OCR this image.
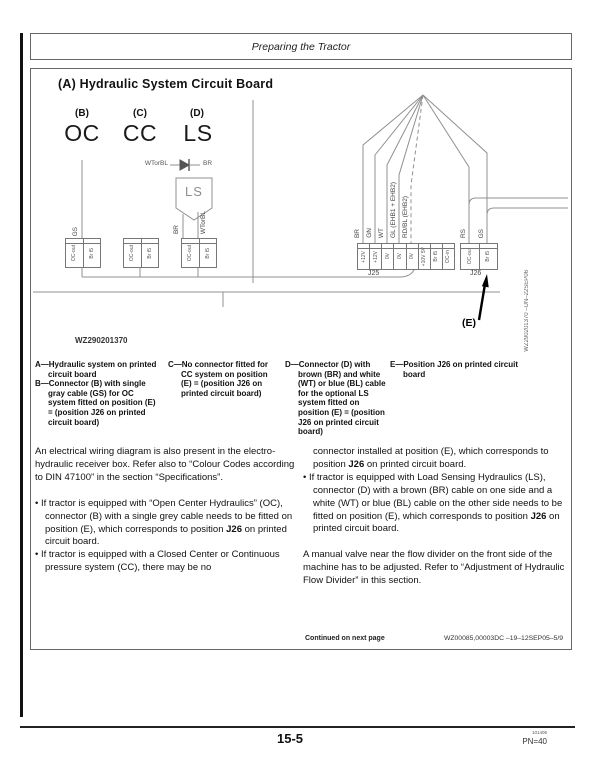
Preparing the Tractor
(A) Hydraulic System Circuit Board
(B)	(C)	(D)
OC CC	LS
WTorBL	BR
LS
GS	BR	WTorBL
OC-out Br t5	OC-out Br t5	OC-out Br t5	+12V +12V 0V 0V 0V +10V 5V Br t5 OC-in	OC-out	Br t5
J25	J26
(E)	WZ290201370 –UN–22SEP06
BR GN WT GL (EHB1 + EHB2) RD/BL (EHB2)	RS GS
WZ290201370
A—Hydraulic system on printed circuit board
B—Connector (B) with single gray cable (GS) for OC system fitted on position (E) = (position J26 on printed circuit board)
C—No connector fitted for CC system on position (E) = (position J26 on printed circuit board)
D—Connector (D) with brown (BR) and white (WT) or blue (BL) cable for the optional LS system fitted on position (E) = (position J26 on printed circuit board)
E—Position J26 on printed circuit board
An electrical wiring diagram is also present in the electro-hydraulic receiver box. Refer also to “Colour Codes according to DIN 47100” in the section “Specifications”.
• If tractor is equipped with “Open Center Hydraulics” (OC), connector (B) with a single grey cable needs to be fitted on position (E), which corresponds to position J26 on printed circuit board.
• If tractor is equipped with a Closed Center or Continuous pressure system (CC), there may be no
connector installed at position (E), which corresponds to position J26 on printed circuit board.
• If tractor is equipped with Load Sensing Hydraulics (LS), connector (D) with a brown (BR) cable on one side and a white (WT) or blue (BL) cable on the other side needs to be fitted on position (E), which corresponds to position J26 on printed circuit board.
A manual valve near the flow divider on the front side of the machine has to be adjusted. Refer to “Adjustment of Hydraulic Flow Divider” in this section.
Continued on next page	WZ00085,00003DC –19–12SEP05–5/9
15-5	101406
PN=40
